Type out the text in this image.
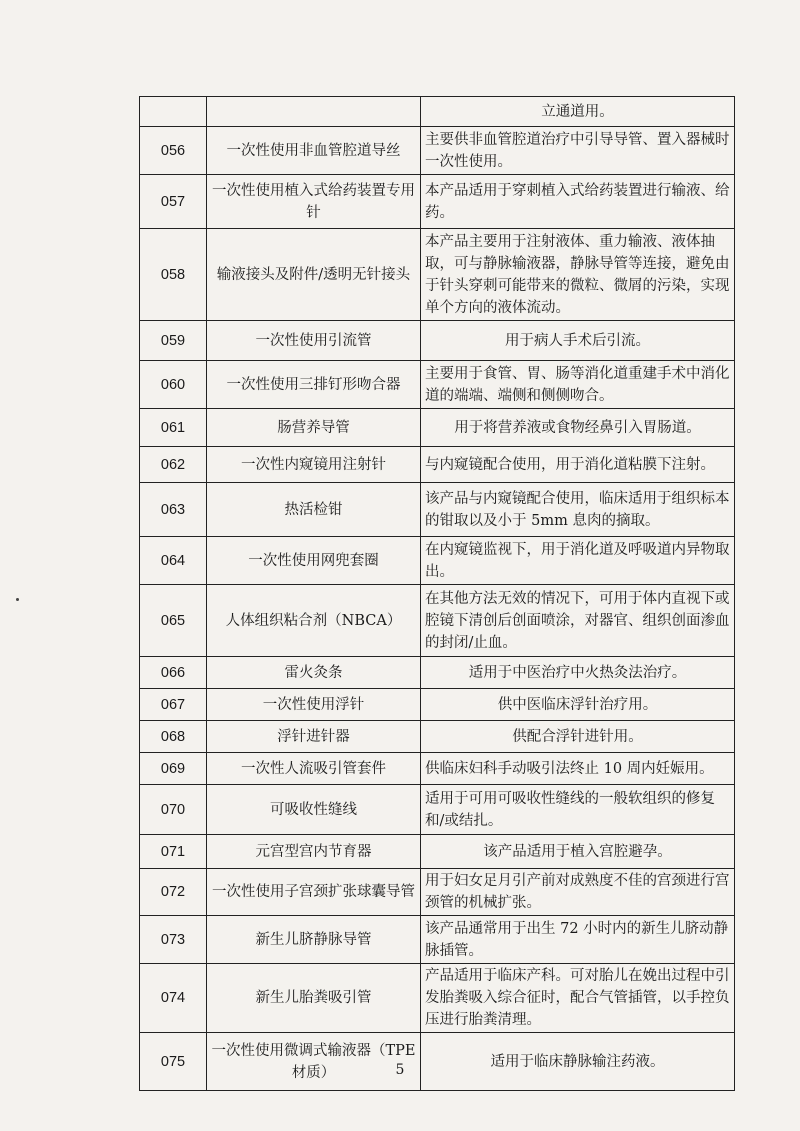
		立通道用。
056	一次性使用非血管腔道导丝	主要供非血管腔道治疗中引导导管、置入器械时一次性使用。
057	一次性使用植入式给药装置专用针	本产品适用于穿刺植入式给药装置进行输液、给药。
058	输液接头及附件/透明无针接头	本产品主要用于注射液体、重力输液、液体抽取，可与静脉输液器，静脉导管等连接，避免由于针头穿刺可能带来的微粒、微屑的污染，实现单个方向的液体流动。
059	一次性使用引流管	用于病人手术后引流。
060	一次性使用三排钉形吻合器	主要用于食管、胃、肠等消化道重建手术中消化道的端端、端侧和侧侧吻合。
061	肠营养导管	用于将营养液或食物经鼻引入胃肠道。
062	一次性内窥镜用注射针	与内窥镜配合使用，用于消化道粘膜下注射。
063	热活检钳	该产品与内窥镜配合使用，临床适用于组织标本的钳取以及小于 5mm 息肉的摘取。
064	一次性使用网兜套圈	在内窥镜监视下，用于消化道及呼吸道内异物取出。
065	人体组织粘合剂（NBCA）	在其他方法无效的情况下，可用于体内直视下或腔镜下清创后创面喷涂，对器官、组织创面渗血的封闭/止血。
066	雷火灸条	适用于中医治疗中火热灸法治疗。
067	一次性使用浮针	供中医临床浮针治疗用。
068	浮针进针器	供配合浮针进针用。
069	一次性人流吸引管套件	供临床妇科手动吸引法终止 10 周内妊娠用。
070	可吸收性缝线	适用于可用可吸收性缝线的一般软组织的修复和/或结扎。
071	元宫型宫内节育器	该产品适用于植入宫腔避孕。
072	一次性使用子宫颈扩张球囊导管	用于妇女足月引产前对成熟度不佳的宫颈进行宫颈管的机械扩张。
073	新生儿脐静脉导管	该产品通常用于出生 72 小时内的新生儿脐动静脉插管。
074	新生儿胎粪吸引管	产品适用于临床产科。可对胎儿在娩出过程中引发胎粪吸入综合征时，配合气管插管，以手控负压进行胎粪清理。
075	一次性使用微调式输液器（TPE 材质）	适用于临床静脉输注药液。
5
